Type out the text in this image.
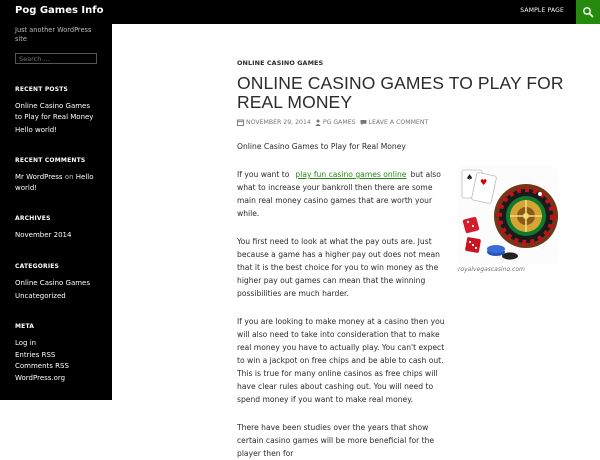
Pog Games Info	SAMPLE PAGE
Just another WordPress site
Search ...
RECENT POSTS
Online Casino Games to Play for Real Money
Hello world!
RECENT COMMENTS
Mr WordPress on Hello world!
ARCHIVES
November 2014
CATEGORIES
Online Casino Games
Uncategorized
META
Log in
Entries RSS
Comments RSS
WordPress.org
ONLINE CASINO GAMES
ONLINE CASINO GAMES TO PLAY FOR REAL MONEY
NOVEMBER 29, 2014 PG GAMES LEAVE A COMMENT

Online Casino Games to Play for Real Money

If you want to play fun casino games online but also what to increase your bankroll then there are some main real money casino games that are worth your while.

You first need to look at what the pay outs are. Just because a game has a higher pay out does not mean that it is the best choice for you to win money as the higher pay out games can mean that the winning possibilities are much harder.

If you are looking to make money at a casino then you will also need to take into consideration that to make real money you have to actually play. You can't expect to win a jackpot on free chips and be able to cash out. This is true for many online casinos as free chips will have clear rules about cashing out. You will need to spend money if you want to make real money.

There have been studies over the years that show certain casino games will be more beneficial for the player then for

♠
♥
royalvegascasino.com
